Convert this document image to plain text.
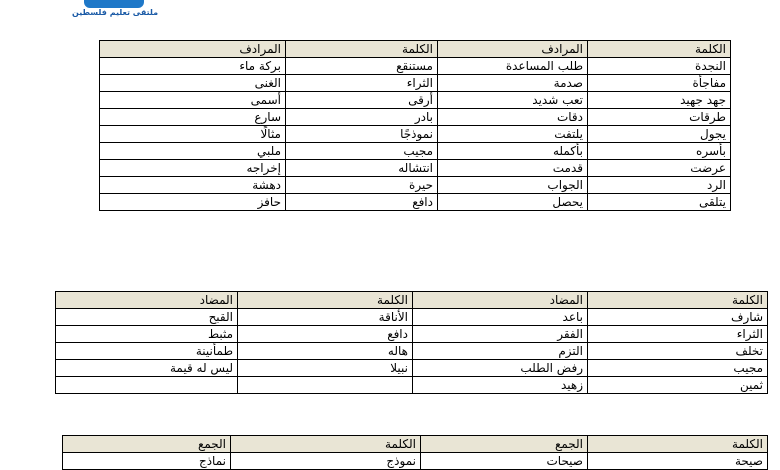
ملتقى تعليم فلسطين
الكلمة	المرادف	الكلمة	المرادف
النجدة	طلب المساعدة	مستنقع	بركة ماء
مفاجأة	صدمة	الثراء	الغنى
جهد جهيد	تعب شديد	أرقى	أسمى
طرقات	دقات	بادر	سارع
يجول	يلتفت	نموذجًا	مثالًا
بأسره	بأكمله	مجيب	ملبي
عرضت	قدمت	انتشاله	إخراجه
الرد	الجواب	حيرة	دهشة
يتلقى	يحصل	دافع	حافز
الكلمة	المضاد	الكلمة	المضاد
شارف	باعد	الأناقة	القبح
الثراء	الفقر	دافع	مثبط
تخلف	التزم	هاله	طمأنينة
مجيب	رفض الطلب	نبيلا	ليس له قيمة
ثمين	زهيد		
الكلمة	الجمع	الكلمة	الجمع
صيحة	صيحات	نموذج	نماذج
